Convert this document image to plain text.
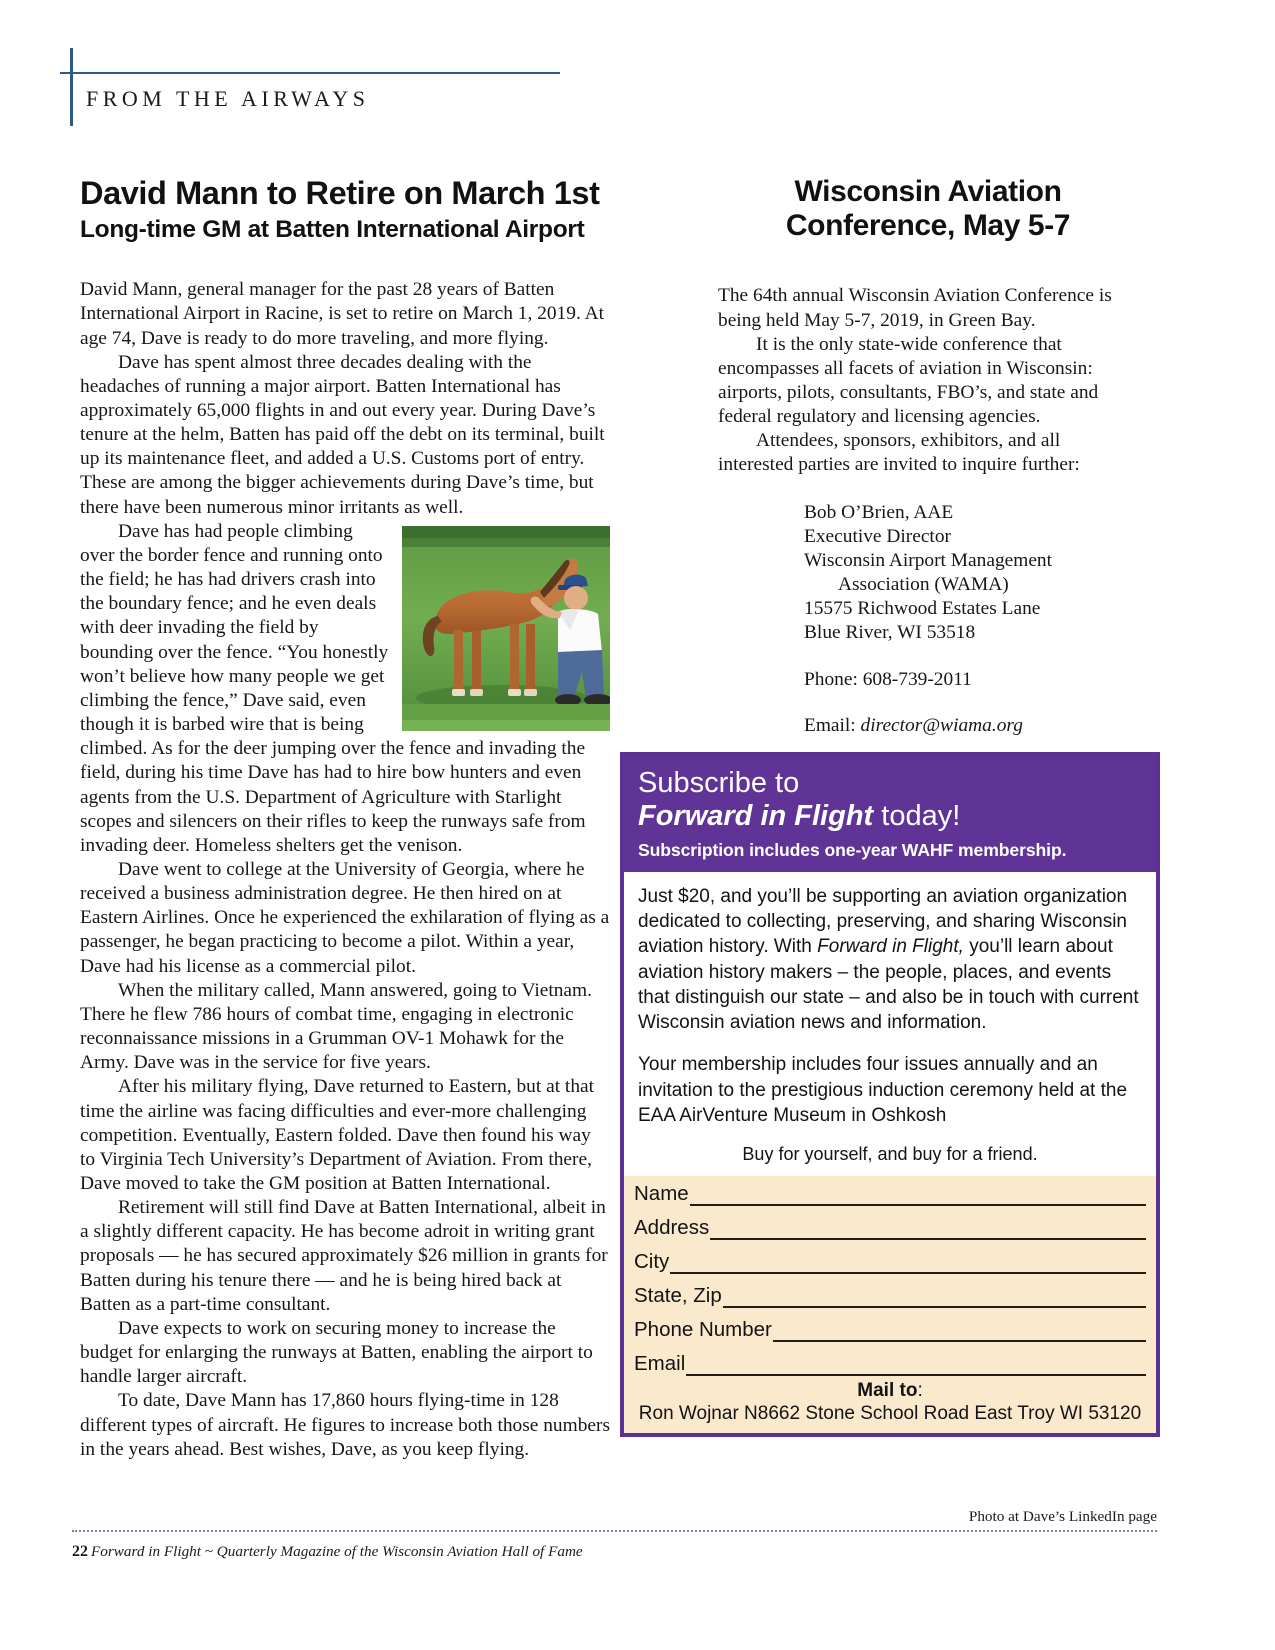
FROM THE AIRWAYS
David Mann to Retire on March 1st
Long-time GM at Batten International Airport

David Mann, general manager for the past 28 years of Batten International Airport in Racine, is set to retire on March 1, 2019. At age 74, Dave is ready to do more traveling, and more flying.

Dave has spent almost three decades dealing with the headaches of running a major airport. Batten International has approximately 65,000 flights in and out every year. During Dave’s tenure at the helm, Batten has paid off the debt on its terminal, built up its maintenance fleet, and added a U.S. Customs port of entry. These are among the bigger achievements during Dave’s time, but there have been numerous minor irritants as well.

Dave has had people climbing over the border fence and running onto the field; he has had drivers crash into the boundary fence; and he even deals with deer invading the field by bounding over the fence. “You honestly won’t believe how many people we get climbing the fence,” Dave said, even though it is barbed wire that is being climbed. As for the deer jumping over the fence and invading the field, during his time Dave has had to hire bow hunters and even agents from the U.S. Department of Agriculture with Starlight scopes and silencers on their rifles to keep the runways safe from invading deer. Homeless shelters get the venison.

Dave went to college at the University of Georgia, where he received a business administration degree. He then hired on at Eastern Airlines. Once he experienced the exhilaration of flying as a passenger, he began practicing to become a pilot. Within a year, Dave had his license as a commercial pilot.

When the military called, Mann answered, going to Vietnam. There he flew 786 hours of combat time, engaging in electronic reconnaissance missions in a Grumman OV-1 Mohawk for the Army. Dave was in the service for five years.

After his military flying, Dave returned to Eastern, but at that time the airline was facing difficulties and ever-more challenging competition. Eventually, Eastern folded. Dave then found his way to Virginia Tech University’s Department of Aviation. From there, Dave moved to take the GM position at Batten International.

Retirement will still find Dave at Batten International, albeit in a slightly different capacity. He has become adroit in writing grant proposals — he has secured approximately $26 million in grants for Batten during his tenure there — and he is being hired back at Batten as a part-time consultant.

Dave expects to work on securing money to increase the budget for enlarging the runways at Batten, enabling the airport to handle larger aircraft.

To date, Dave Mann has 17,860 hours flying-time in 128 different types of aircraft. He figures to increase both those numbers in the years ahead. Best wishes, Dave, as you keep flying.

Wisconsin Aviation
Conference, May 5-7

The 64th annual Wisconsin Aviation Conference is being held May 5-7, 2019, in Green Bay.

It is the only state-wide conference that encompasses all facets of aviation in Wisconsin: airports, pilots, consultants, FBO’s, and state and federal regulatory and licensing agencies.

Attendees, sponsors, exhibitors, and all interested parties are invited to inquire further:

Bob O’Brien, AAE
Executive Director
Wisconsin Airport Management
Association (WAMA)
15575 Richwood Estates Lane
Blue River, WI 53518
Phone: 608-739-2011
Email: director@wiama.org
Subscribe to
Forward in Flight today!
Subscription includes one-year WAHF membership.

Just $20, and you’ll be supporting an aviation organization dedicated to collecting, preserving, and sharing Wisconsin aviation history. With Forward in Flight, you’ll learn about aviation history makers – the people, places, and events that distinguish our state – and also be in touch with current Wisconsin aviation news and information.

Your membership includes four issues annually and an invitation to the prestigious induction ceremony held at the EAA AirVenture Museum in Oshkosh

Buy for yourself, and buy for a friend.
Name
Address
City
State, Zip
Phone Number
Email
Mail to:
Ron Wojnar N8662 Stone School Road East Troy WI 53120
22 Forward in Flight ~ Quarterly Magazine of the Wisconsin Aviation Hall of Fame
Photo at Dave’s LinkedIn page
